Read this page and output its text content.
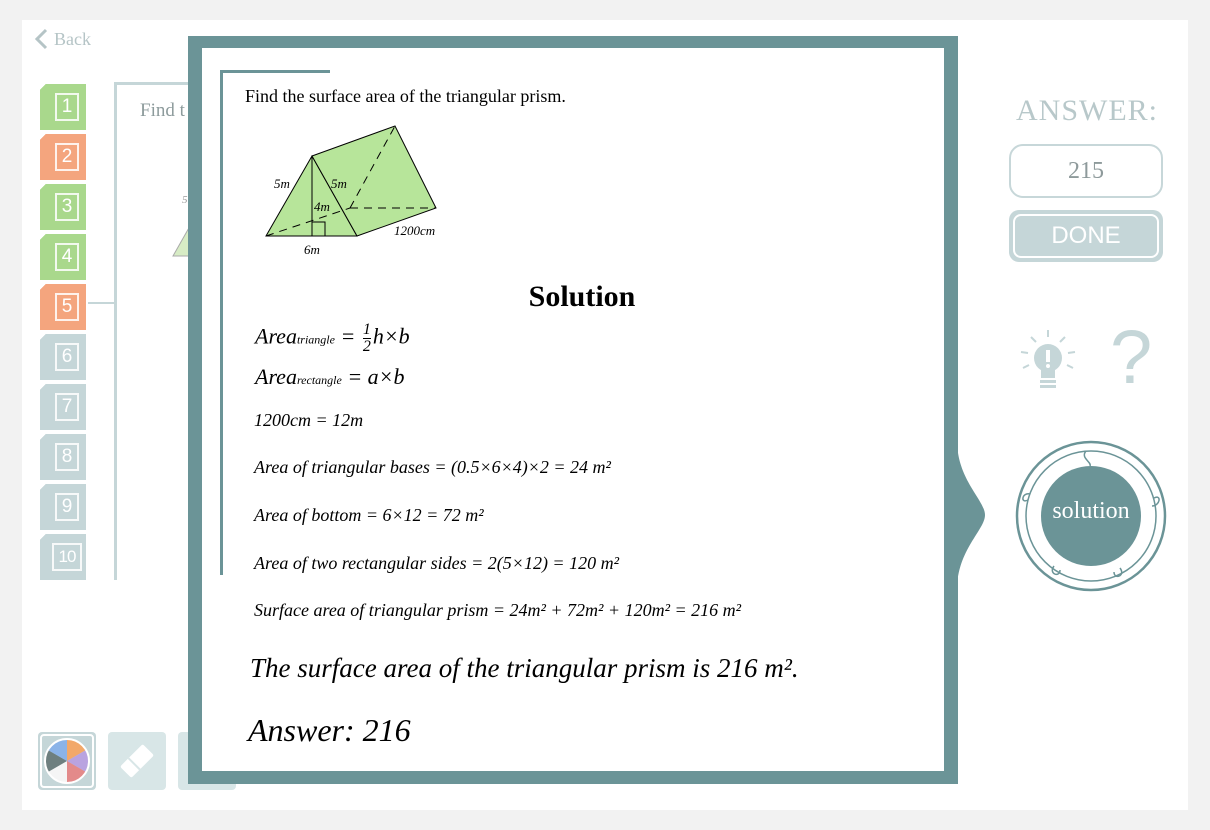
Back
1
2
3
4
5
6
7
8
9
10
Find t
5
Find the surface area of the triangular prism.
5m	5m
4m
6m
1200cm
Solution
Areatriangle = $\frac{1}{2} h\times b$
Arearectangle = a×b
1200cm = 12m
Area of triangular bases = (0.5×6×4)×2 = 24 m²
Area of bottom = 6×12 = 72 m²
Area of two rectangular sides = 2(5×12) = 120 m²
Surface area of triangular prism = 24m² + 72m² + 120m² = 216 m²
The surface area of the triangular prism is 216 m².
Answer: 216
ANSWER:
215
DONE
?
solution
